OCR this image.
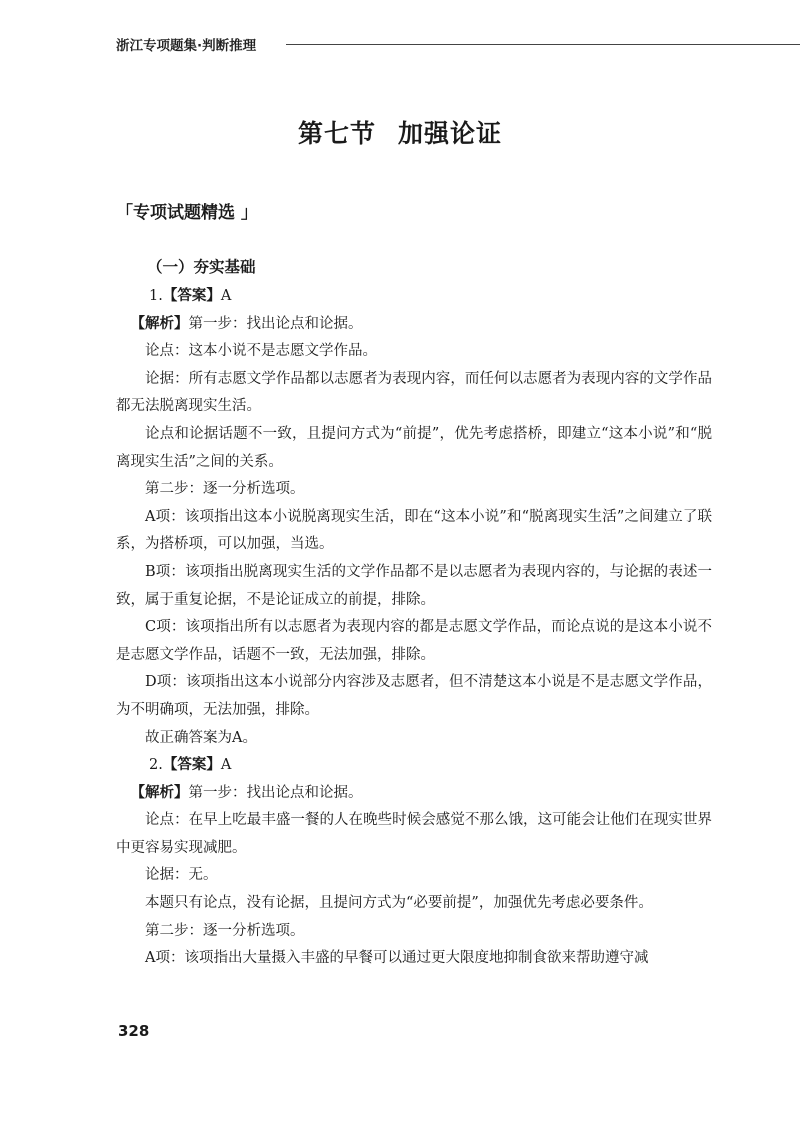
浙江专项题集·判断推理
第七节 加强论证
「专项试题精选 」
（一）夯实基础

1.【答案】A

【解析】第一步：找出论点和论据。

论点：这本小说不是志愿文学作品。

论据：所有志愿文学作品都以志愿者为表现内容，而任何以志愿者为表现内容的文学作品都无法脱离现实生活。

论点和论据话题不一致，且提问方式为“前提”，优先考虑搭桥，即建立“这本小说”和“脱离现实生活”之间的关系。

第二步：逐一分析选项。

A项：该项指出这本小说脱离现实生活，即在“这本小说”和“脱离现实生活”之间建立了联系，为搭桥项，可以加强，当选。

B项：该项指出脱离现实生活的文学作品都不是以志愿者为表现内容的，与论据的表述一致，属于重复论据，不是论证成立的前提，排除。

C项：该项指出所有以志愿者为表现内容的都是志愿文学作品，而论点说的是这本小说不是志愿文学作品，话题不一致，无法加强，排除。

D项：该项指出这本小说部分内容涉及志愿者，但不清楚这本小说是不是志愿文学作品，为不明确项，无法加强，排除。

故正确答案为A。

2.【答案】A

【解析】第一步：找出论点和论据。

论点：在早上吃最丰盛一餐的人在晚些时候会感觉不那么饿，这可能会让他们在现实世界中更容易实现减肥。

论据：无。

本题只有论点，没有论据，且提问方式为“必要前提”，加强优先考虑必要条件。

第二步：逐一分析选项。

A项：该项指出大量摄入丰盛的早餐可以通过更大限度地抑制食欲来帮助遵守减

328
